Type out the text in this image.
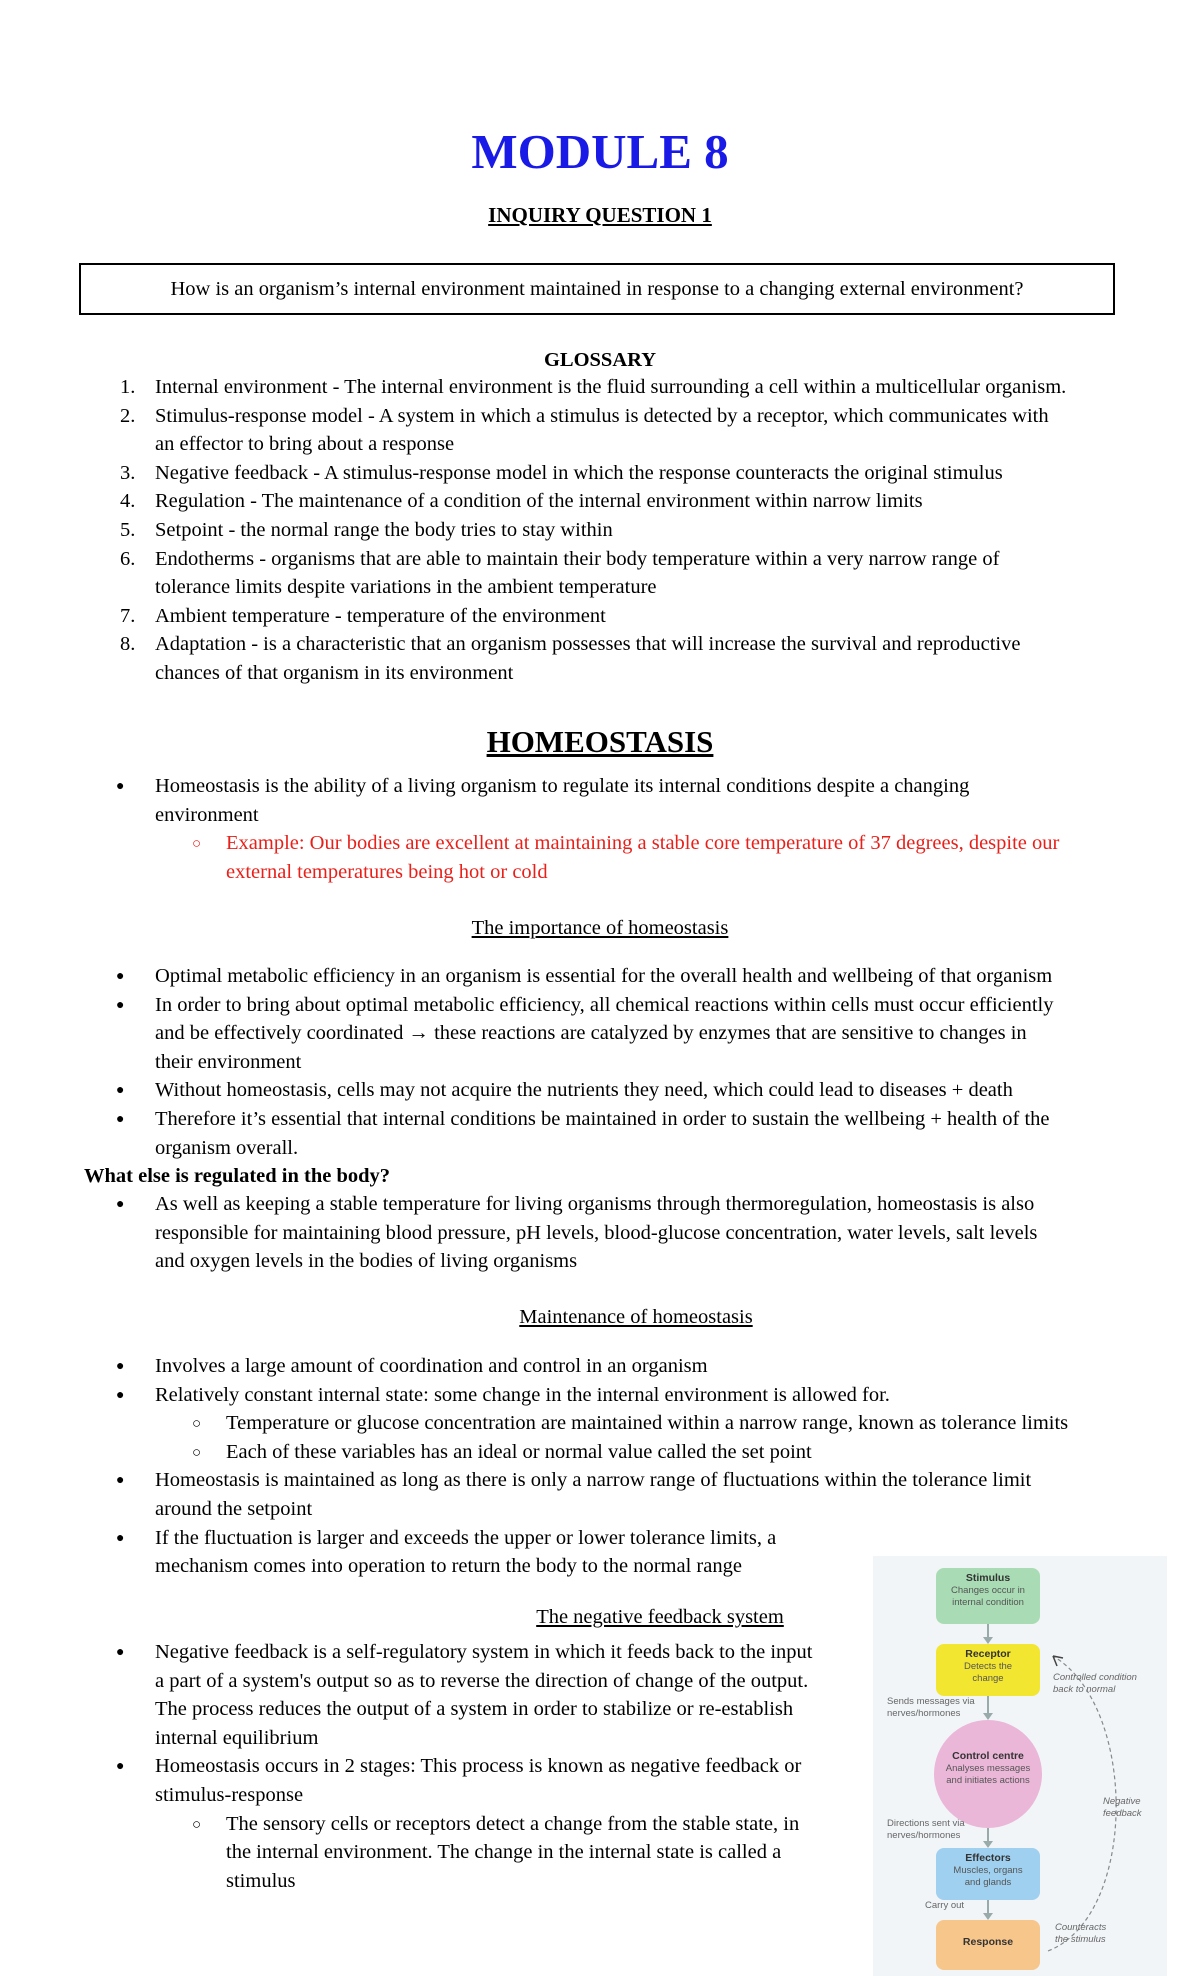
MODULE 8
INQUIRY QUESTION 1
How is an organism’s internal environment maintained in response to a changing external environment?
GLOSSARY
1. Internal environment - The internal environment is the fluid surrounding a cell within a multicellular organism.
2. Stimulus-response model - A system in which a stimulus is detected by a receptor, which communicates with
an effector to bring about a response
3. Negative feedback - A stimulus-response model in which the response counteracts the original stimulus
4. Regulation - The maintenance of a condition of the internal environment within narrow limits
5. Setpoint - the normal range the body tries to stay within
6. Endotherms - organisms that are able to maintain their body temperature within a very narrow range of
tolerance limits despite variations in the ambient temperature
7. Ambient temperature - temperature of the environment
8. Adaptation - is a characteristic that an organism possesses that will increase the survival and reproductive
chances of that organism in its environment
HOMEOSTASIS
● Homeostasis is the ability of a living organism to regulate its internal conditions despite a changing
environment
○ Example: Our bodies are excellent at maintaining a stable core temperature of 37 degrees, despite our
external temperatures being hot or cold
The importance of homeostasis
● Optimal metabolic efficiency in an organism is essential for the overall health and wellbeing of that organism
● In order to bring about optimal metabolic efficiency, all chemical reactions within cells must occur efficiently
and be effectively coordinated → these reactions are catalyzed by enzymes that are sensitive to changes in
their environment
● Without homeostasis, cells may not acquire the nutrients they need, which could lead to diseases + death
● Therefore it’s essential that internal conditions be maintained in order to sustain the wellbeing + health of the
organism overall.
What else is regulated in the body?
● As well as keeping a stable temperature for living organisms through thermoregulation, homeostasis is also
responsible for maintaining blood pressure, pH levels, blood-glucose concentration, water levels, salt levels
and oxygen levels in the bodies of living organisms
Maintenance of homeostasis
● Involves a large amount of coordination and control in an organism
● Relatively constant internal state: some change in the internal environment is allowed for.
○ Temperature or glucose concentration are maintained within a narrow range, known as tolerance limits
○ Each of these variables has an ideal or normal value called the set point
● Homeostasis is maintained as long as there is only a narrow range of fluctuations within the tolerance limit
around the setpoint
● If the fluctuation is larger and exceeds the upper or lower tolerance limits, a
mechanism comes into operation to return the body to the normal range
The negative feedback system
● Negative feedback is a self-regulatory system in which it feeds back to the input
a part of a system's output so as to reverse the direction of change of the output.
The process reduces the output of a system in order to stabilize or re-establish
internal equilibrium
● Homeostasis occurs in 2 stages: This process is known as negative feedback or
stimulus-response
○ The sensory cells or receptors detect a change from the stable state, in
the internal environment. The change in the internal state is called a
stimulus
Stimulus
Changes occur in
internal condition
Receptor
Detects the
change
Control centre
Analyses messages
and initiates actions
Effectors
Muscles, organs
and glands
Response
Sends messages via
nerves/hormones
Directions sent via
nerves/hormones
Carry out
Controlled condition
back to normal
Negative
feedback
Counteracts
the stimulus
